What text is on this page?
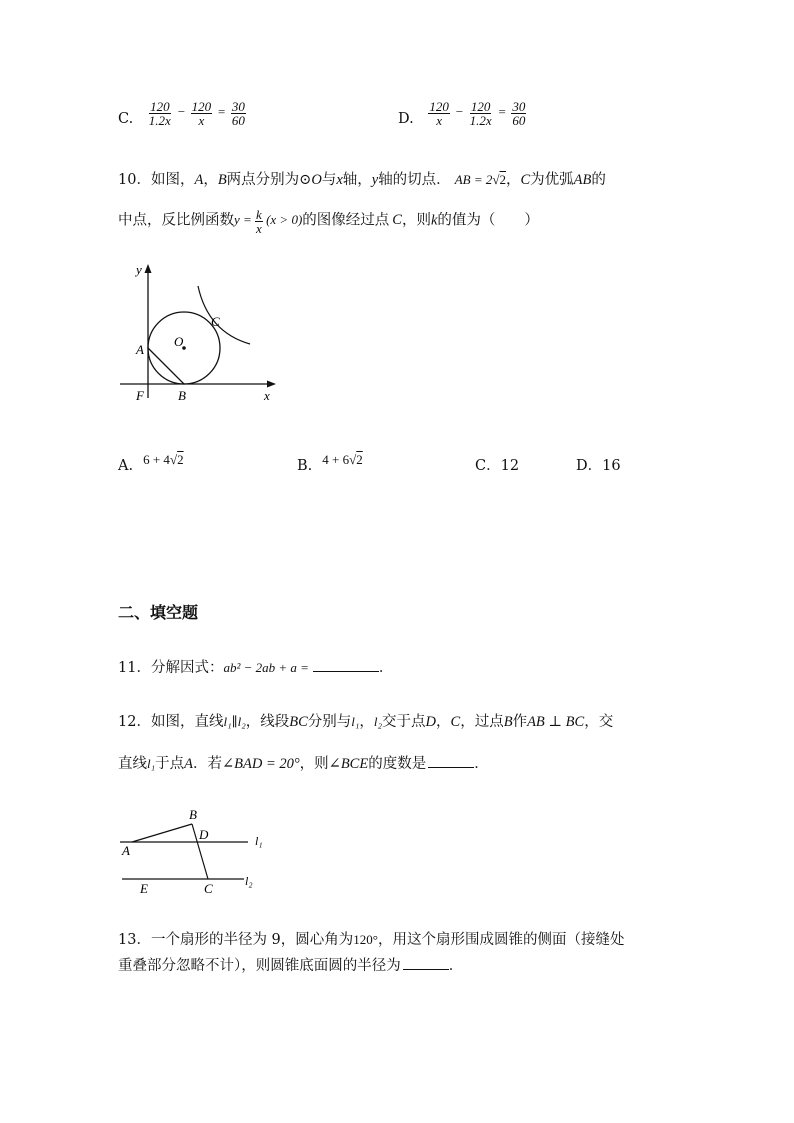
C. $\frac{120}{1.2x} - \frac{120}{x} = \frac{30}{60}$	D. $\frac{120}{x} - \frac{120}{1.2x} = \frac{30}{60}$
10．如图，A，B两点分别为⊙O与x轴，y轴的切点． AB = 2√2，C为优弧AB的
中点，反比例函数$y = \frac{k}{x} (x > 0)$的图像经过点 C，则k的值为（　　）
y
x
A
B
C
O
F
A. 6 + 4√2	B. 4 + 6√2	C．12	D．16
二、填空题
11．分解因式：ab² − 2ab + a =	．
12．如图，直线l₁∥l₂，线段BC分别与l₁，l₂交于点D，C，过点B作AB ⊥ BC，交
直线l₁于点A．若∠BAD = 20°，则∠BCE的度数是	．
B
D	l₁
A
E	C	l₂
13．一个扇形的半径为 9，圆心角为120°，用这个扇形围成圆锥的侧面（接缝处
重叠部分忽略不计），则圆锥底面圆的半径为	．
